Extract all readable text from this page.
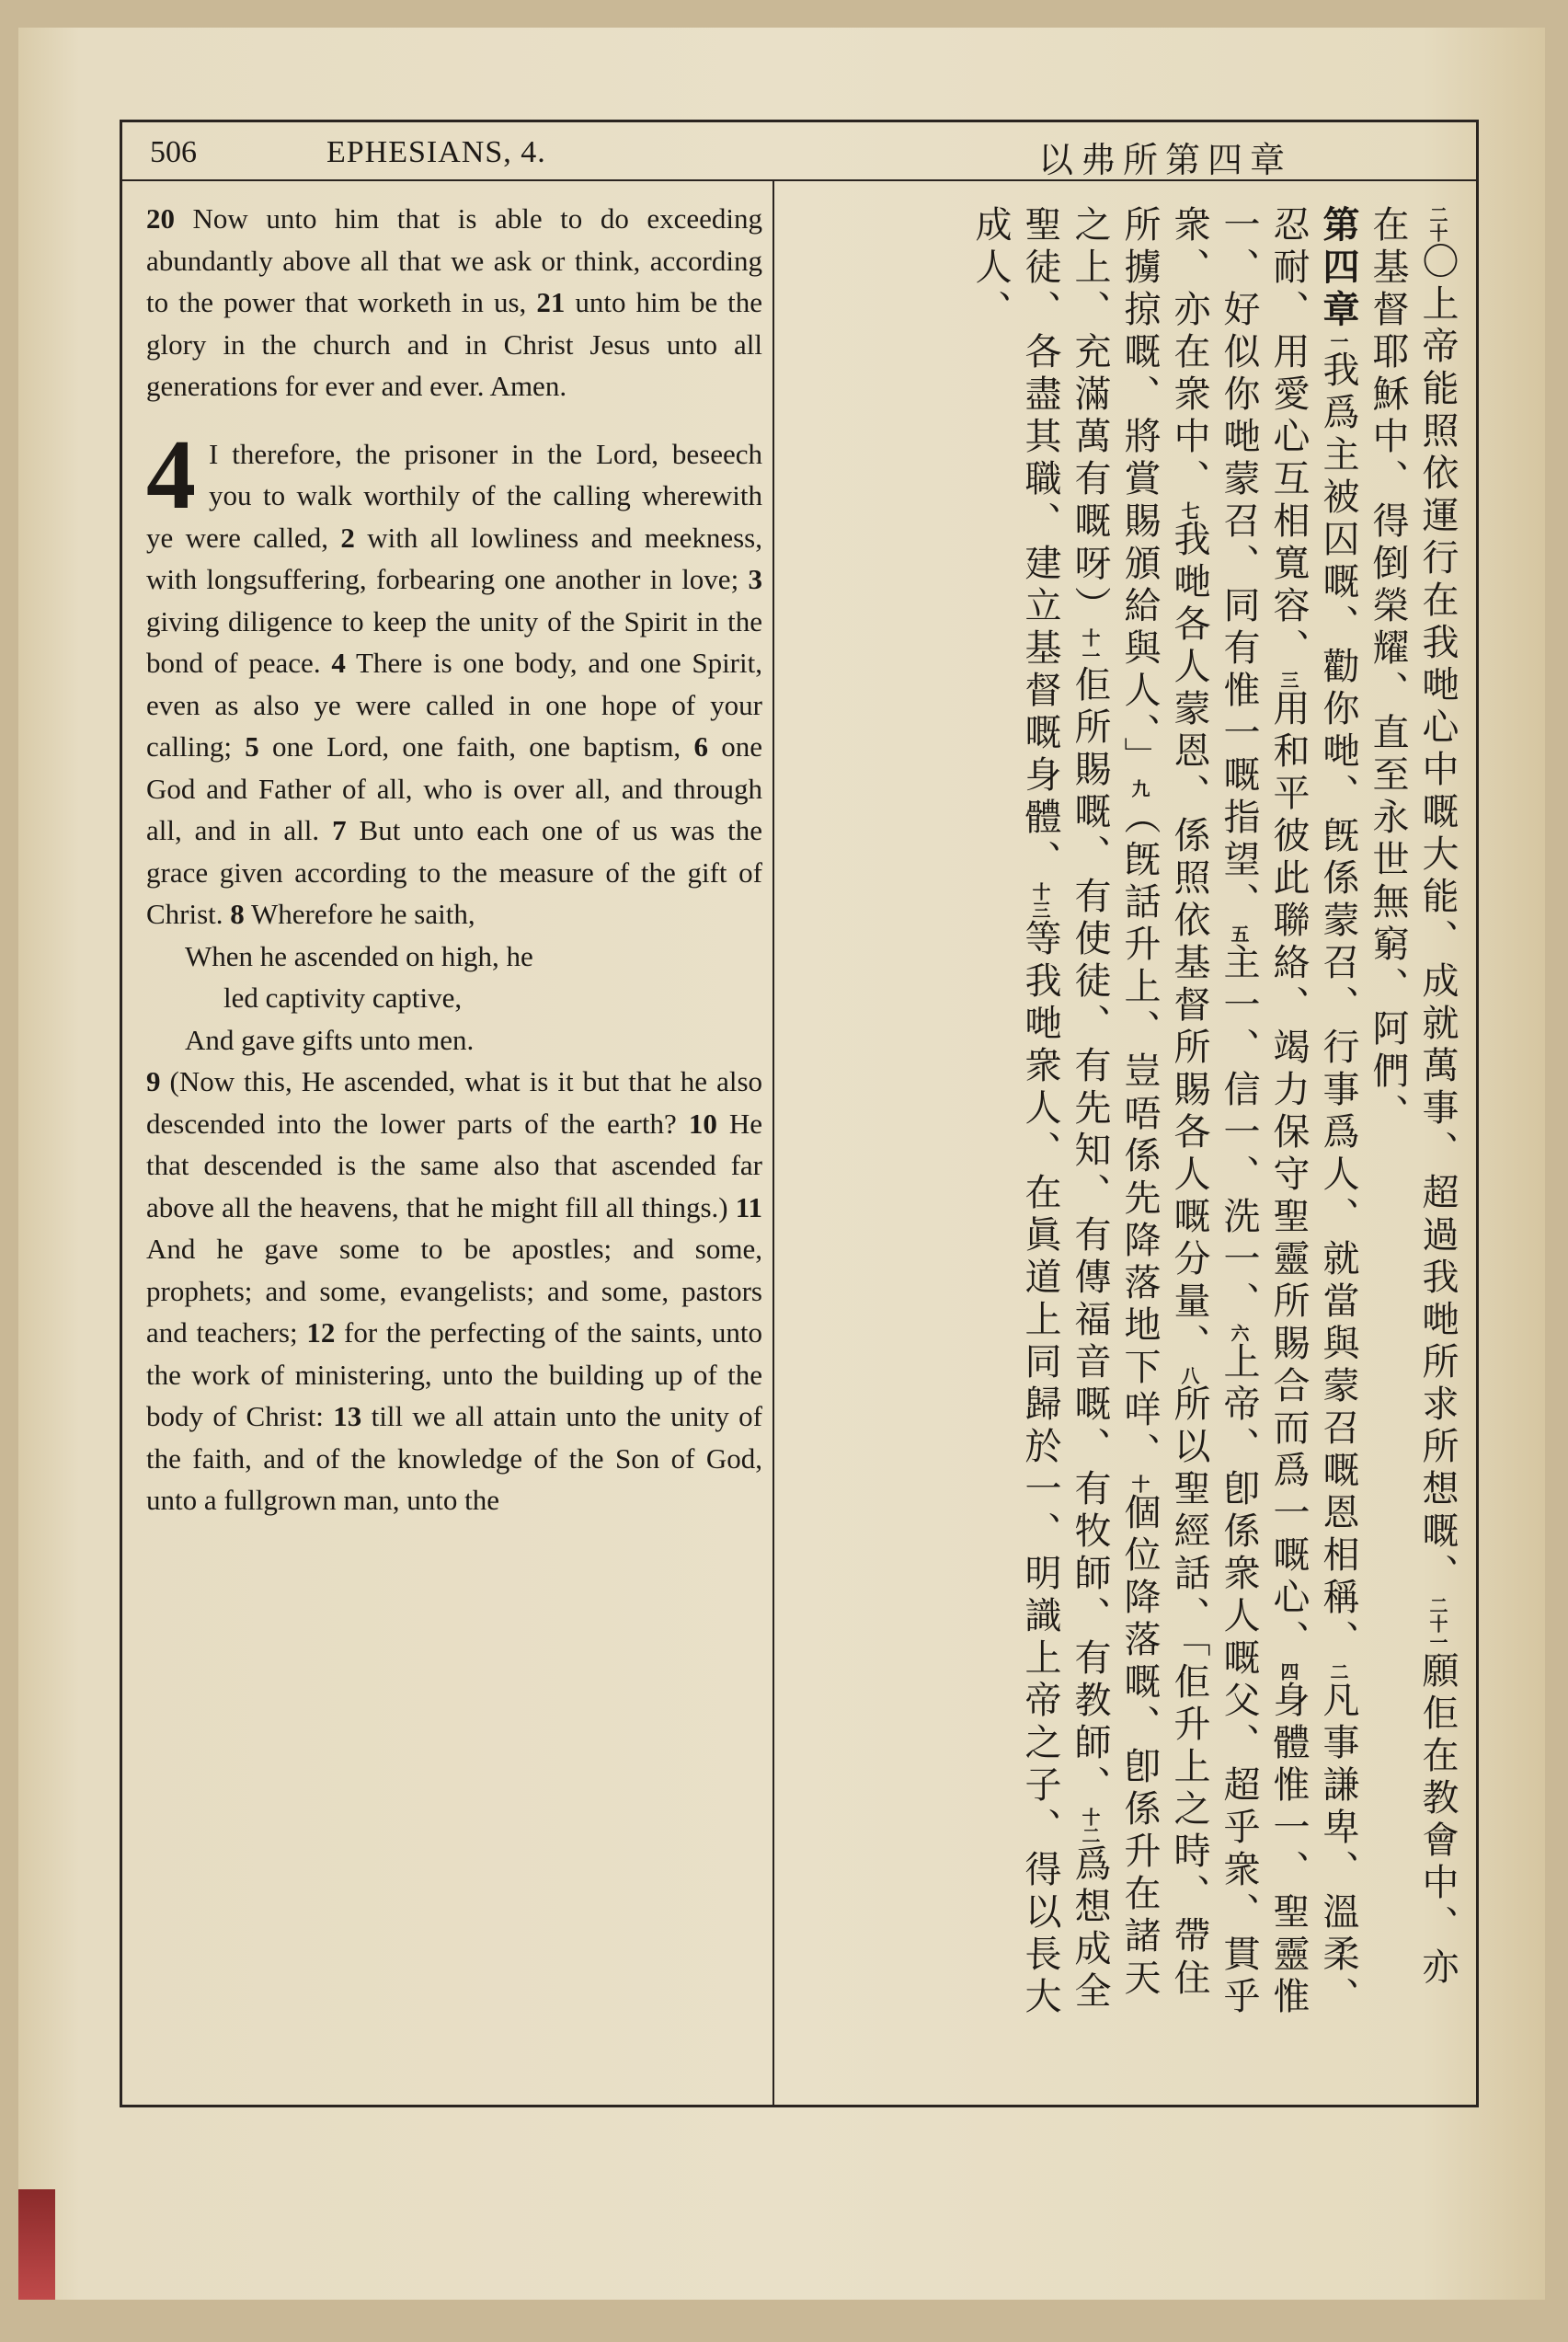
506	EPHESIANS, 4.	以弗所第四章

20 Now unto him that is able to do exceeding abundantly above all that we ask or think, according to the power that worketh in us, 21 unto him be the glory in the church and in Christ Jesus unto all generations for ever and ever. Amen.

4 I therefore, the prisoner in the Lord, beseech you to walk worthily of the calling wherewith ye were called, 2 with all lowliness and meekness, with longsuffering, forbearing one another in love; 3 giving diligence to keep the unity of the Spirit in the bond of peace. 4 There is one body, and one Spirit, even as also ye were called in one hope of your calling; 5 one Lord, one faith, one baptism, 6 one God and Father of all, who is over all, and through all, and in all. 7 But unto each one of us was the grace given according to the measure of the gift of Christ. 8 Wherefore he saith,

When he ascended on high, he
led captivity captive,
And gave gifts unto men.

9 (Now this, He ascended, what is it but that he also descended into the lower parts of the earth? 10 He that descended is the same also that ascended far above all the heavens, that he might fill all things.) 11 And he gave some to be apostles; and some, prophets; and some, evangelists; and some, pastors and teachers; 12 for the perfecting of the saints, unto the work of ministering, unto the building up of the body of Christ: 13 till we all attain unto the unity of the faith, and of the knowledge of the Son of God, unto a fullgrown man, unto the

二十〇上帝能照依運行在我哋心中嘅大能、成就萬事、超過我哋所求所想嘅、二十一願佢在教會中、亦在基督耶穌中、得倒榮耀、直至永世無窮、阿們、

第四章一我爲主被囚嘅、勸你哋、旣係蒙召、行事爲人、就當與蒙召嘅恩相稱、二凡事謙卑、溫柔、忍耐、用愛心互相寬容、三用和平彼此聯絡、竭力保守聖靈所賜合而爲一嘅心、四身體惟一、聖靈惟一、好似你哋蒙召、同有惟一嘅指望、五主一、信一、洗一、六上帝、卽係衆人嘅父、超乎衆、貫乎衆、亦在衆中、七我哋各人蒙恩、係照依基督所賜各人嘅分量、八所以聖經話、「佢升上之時、帶住所擄掠嘅、將賞賜頒給與人、」九（旣話升上、豈唔係先降落地下咩、十個位降落嘅、卽係升在諸天之上、充滿萬有嘅呀）十一佢所賜嘅、有使徒、有先知、有傳福音嘅、有牧師、有教師、十二爲想成全聖徒、各盡其職、建立基督嘅身體、十三等我哋衆人、在眞道上同歸於一、明識上帝之子、得以長大成人、
